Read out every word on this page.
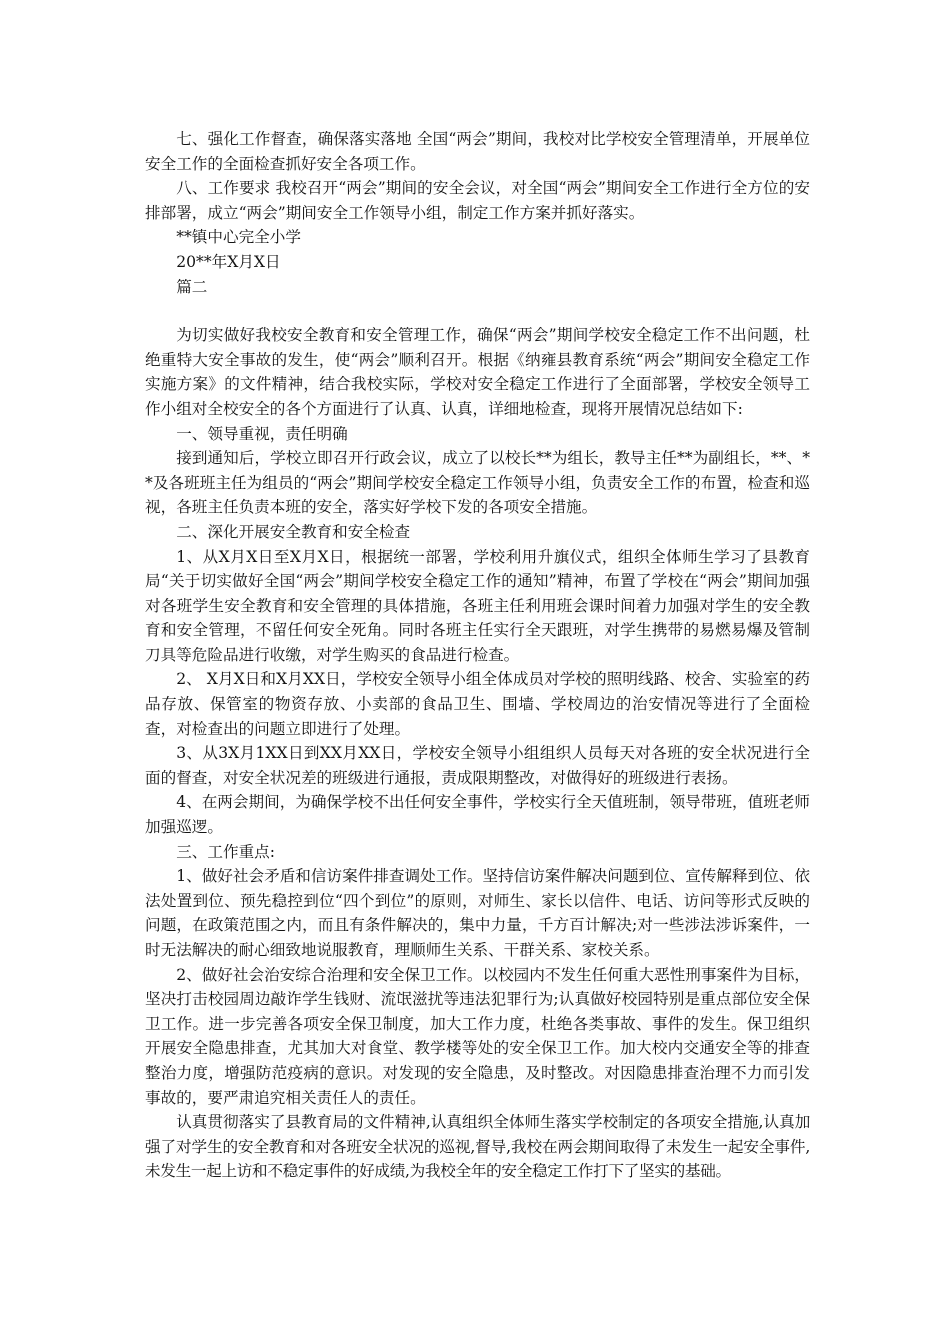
七、强化工作督查，确保落实落地 全国“两会”期间，我校对比学校安全管理清单，开展单位安全工作的全面检查抓好安全各项工作。

八、工作要求 我校召开“两会”期间的安全会议，对全国“两会”期间安全工作进行全方位的安排部署，成立“两会”期间安全工作领导小组，制定工作方案并抓好落实。

**镇中心完全小学

20**年X月X日

篇二

为切实做好我校安全教育和安全管理工作，确保“两会”期间学校安全稳定工作不出问题，杜绝重特大安全事故的发生，使“两会”顺利召开。根据《纳雍县教育系统“两会”期间安全稳定工作实施方案》的文件精神，结合我校实际，学校对安全稳定工作进行了全面部署，学校安全领导工作小组对全校安全的各个方面进行了认真、认真，详细地检查，现将开展情况总结如下:

一、领导重视，责任明确

接到通知后，学校立即召开行政会议，成立了以校长**为组长，教导主任**为副组长，**、**及各班班主任为组员的“两会”期间学校安全稳定工作领导小组，负责安全工作的布置，检查和巡视，各班主任负责本班的安全，落实好学校下发的各项安全措施。

二、深化开展安全教育和安全检查

1、从X月X日至X月X日，根据统一部署，学校利用升旗仪式，组织全体师生学习了县教育局“关于切实做好全国“两会”期间学校安全稳定工作的通知”精神，布置了学校在“两会”期间加强对各班学生安全教育和安全管理的具体措施，各班主任利用班会课时间着力加强对学生的安全教育和安全管理，不留任何安全死角。同时各班主任实行全天跟班，对学生携带的易燃易爆及管制刀具等危险品进行收缴，对学生购买的食品进行检查。

2、 X月X日和X月XX日，学校安全领导小组全体成员对学校的照明线路、校舍、实验室的药品存放、保管室的物资存放、小卖部的食品卫生、围墙、学校周边的治安情况等进行了全面检查，对检查出的问题立即进行了处理。

3、从3X月1XX日到XX月XX日，学校安全领导小组组织人员每天对各班的安全状况进行全面的督查，对安全状况差的班级进行通报，责成限期整改，对做得好的班级进行表扬。

4、在两会期间，为确保学校不出任何安全事件，学校实行全天值班制，领导带班，值班老师加强巡逻。

三、工作重点:

1、做好社会矛盾和信访案件排查调处工作。坚持信访案件解决问题到位、宣传解释到位、依法处置到位、预先稳控到位“四个到位”的原则，对师生、家长以信件、电话、访问等形式反映的问题，在政策范围之内，而且有条件解决的，集中力量，千方百计解决;对一些涉法涉诉案件，一时无法解决的耐心细致地说服教育，理顺师生关系、干群关系、家校关系。

2、做好社会治安综合治理和安全保卫工作。以校园内不发生任何重大恶性刑事案件为目标，坚决打击校园周边敲诈学生钱财、流氓滋扰等违法犯罪行为;认真做好校园特别是重点部位安全保卫工作。进一步完善各项安全保卫制度，加大工作力度，杜绝各类事故、事件的发生。保卫组织开展安全隐患排查，尤其加大对食堂、教学楼等处的安全保卫工作。加大校内交通安全等的排查整治力度，增强防范疫病的意识。对发现的安全隐患，及时整改。对因隐患排查治理不力而引发事故的，要严肃追究相关责任人的责任。

认真贯彻落实了县教育局的文件精神,认真组织全体师生落实学校制定的各项安全措施,认真加强了对学生的安全教育和对各班安全状况的巡视,督导,我校在两会期间取得了未发生一起安全事件,未发生一起上访和不稳定事件的好成绩,为我校全年的安全稳定工作打下了坚实的基础。
